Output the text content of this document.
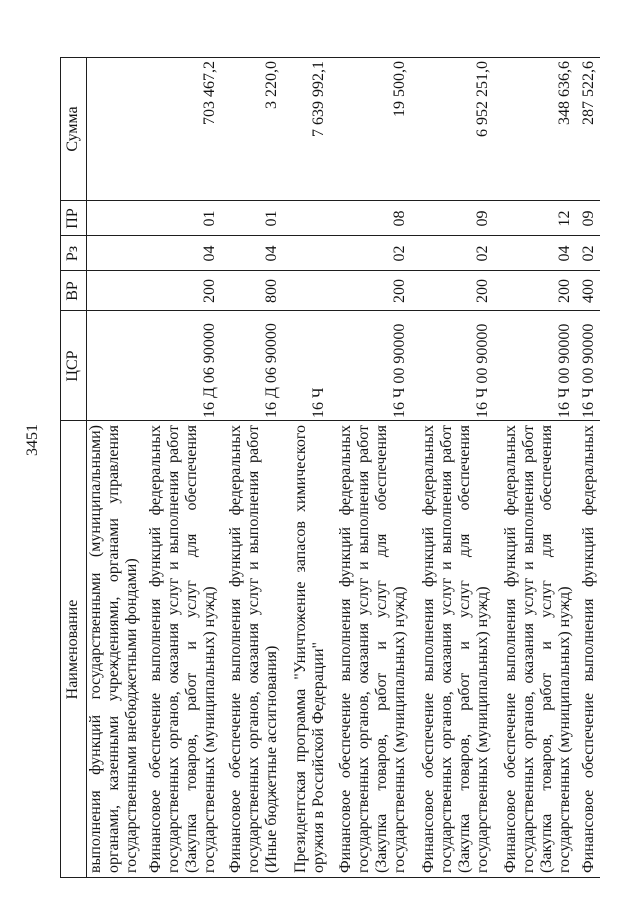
3451
Наименование
ЦСР
ВР
Рз
ПР
Сумма
выполнения функций государственными (муниципальными) органами, казенными учреждениями, органами управления государственными внебюджетными фондами) Финансовое обеспечение выполнения функций федеральных государственных органов, оказания услуг и выполнения работ (Закупка товаров, работ и услуг для обеспечения государственных (муниципальных) нужд)
16 Д 06 90000
200
04
01
703 467,2
Финансовое обеспечение выполнения функций федеральных государственных органов, оказания услуг и выполнения работ (Иные бюджетные ассигнования)
16 Д 06 90000
800
04
01
3 220,0
Президентская программа "Уничтожение запасов химического оружия в Российской Федерации"
16 Ч
7 639 992,1
Финансовое обеспечение выполнения функций федеральных государственных органов, оказания услуг и выполнения работ (Закупка товаров, работ и услуг для обеспечения государственных (муниципальных) нужд)
16 Ч 00 90000
200
02
08
19 500,0
Финансовое обеспечение выполнения функций федеральных государственных органов, оказания услуг и выполнения работ (Закупка товаров, работ и услуг для обеспечения государственных (муниципальных) нужд)
16 Ч 00 90000
200
02
09
6 952 251,0
Финансовое обеспечение выполнения функций федеральных государственных органов, оказания услуг и выполнения работ (Закупка товаров, работ и услуг для обеспечения государственных (муниципальных) нужд)
16 Ч 00 90000
200
04
12
348 636,6
Финансовое обеспечение выполнения функций федеральных
16 Ч 00 90000
400
02
09
287 522,6
